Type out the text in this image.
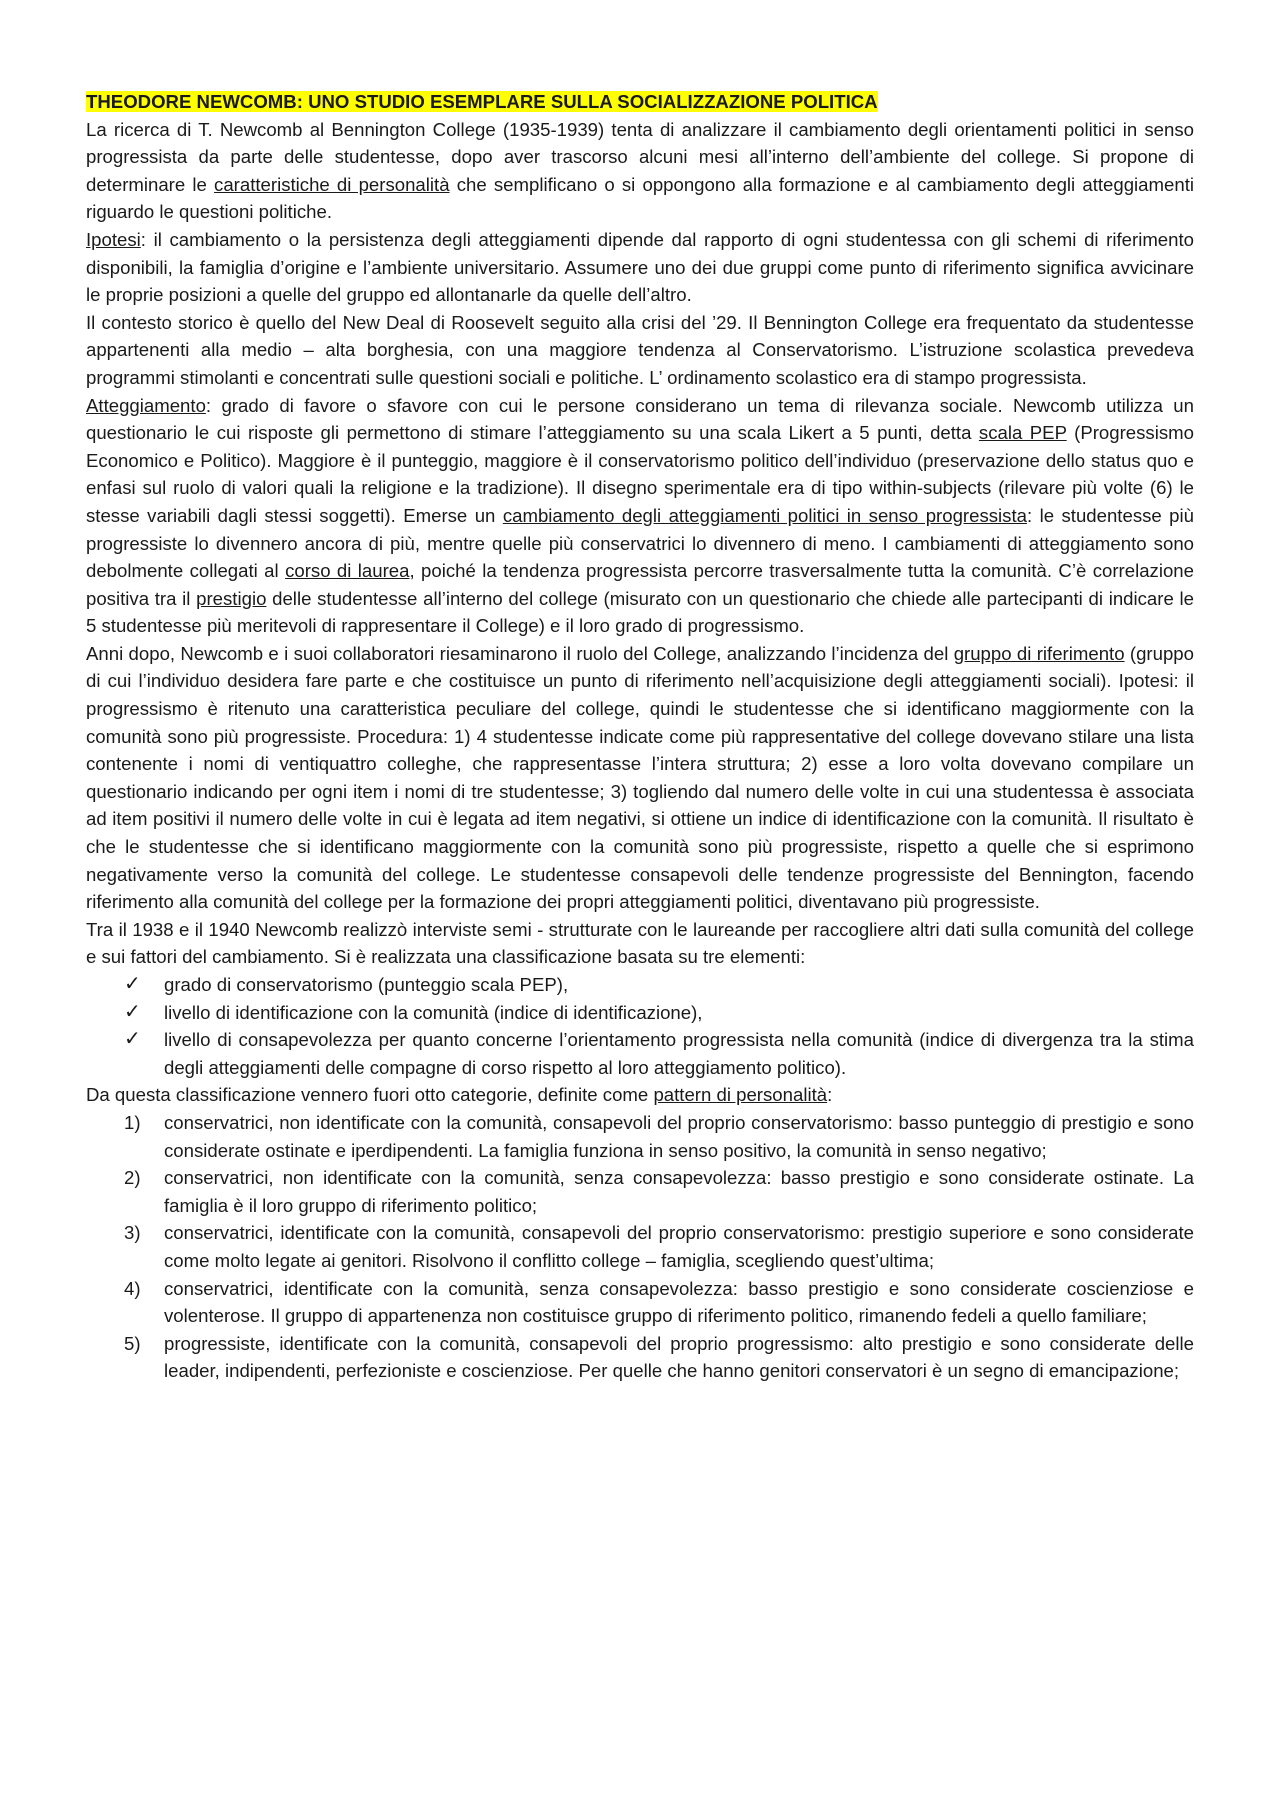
THEODORE NEWCOMB: UNO STUDIO ESEMPLARE SULLA SOCIALIZZAZIONE POLITICA

La ricerca di T. Newcomb al Bennington College (1935-1939) tenta di analizzare il cambiamento degli orientamenti politici in senso progressista da parte delle studentesse, dopo aver trascorso alcuni mesi all’interno dell’ambiente del college. Si propone di determinare le caratteristiche di personalità che semplificano o si oppongono alla formazione e al cambiamento degli atteggiamenti riguardo le questioni politiche.

Ipotesi: il cambiamento o la persistenza degli atteggiamenti dipende dal rapporto di ogni studentessa con gli schemi di riferimento disponibili, la famiglia d’origine e l’ambiente universitario. Assumere uno dei due gruppi come punto di riferimento significa avvicinare le proprie posizioni a quelle del gruppo ed allontanarle da quelle dell’altro.

Il contesto storico è quello del New Deal di Roosevelt seguito alla crisi del ’29. Il Bennington College era frequentato da studentesse appartenenti alla medio – alta borghesia, con una maggiore tendenza al Conservatorismo. L’istruzione scolastica prevedeva programmi stimolanti e concentrati sulle questioni sociali e politiche. L’ ordinamento scolastico era di stampo progressista.

Atteggiamento: grado di favore o sfavore con cui le persone considerano un tema di rilevanza sociale. Newcomb utilizza un questionario le cui risposte gli permettono di stimare l’atteggiamento su una scala Likert a 5 punti, detta scala PEP (Progressismo Economico e Politico). Maggiore è il punteggio, maggiore è il conservatorismo politico dell’individuo (preservazione dello status quo e enfasi sul ruolo di valori quali la religione e la tradizione). Il disegno sperimentale era di tipo within-subjects (rilevare più volte (6) le stesse variabili dagli stessi soggetti). Emerse un cambiamento degli atteggiamenti politici in senso progressista: le studentesse più progressiste lo divennero ancora di più, mentre quelle più conservatrici lo divennero di meno. I cambiamenti di atteggiamento sono debolmente collegati al corso di laurea, poiché la tendenza progressista percorre trasversalmente tutta la comunità. C’è correlazione positiva tra il prestigio delle studentesse all’interno del college (misurato con un questionario che chiede alle partecipanti di indicare le 5 studentesse più meritevoli di rappresentare il College) e il loro grado di progressismo.

Anni dopo, Newcomb e i suoi collaboratori riesaminarono il ruolo del College, analizzando l’incidenza del gruppo di riferimento (gruppo di cui l’individuo desidera fare parte e che costituisce un punto di riferimento nell’acquisizione degli atteggiamenti sociali). Ipotesi: il progressismo è ritenuto una caratteristica peculiare del college, quindi le studentesse che si identificano maggiormente con la comunità sono più progressiste. Procedura: 1) 4 studentesse indicate come più rappresentative del college dovevano stilare una lista contenente i nomi di ventiquattro colleghe, che rappresentasse l’intera struttura; 2) esse a loro volta dovevano compilare un questionario indicando per ogni item i nomi di tre studentesse; 3) togliendo dal numero delle volte in cui una studentessa è associata ad item positivi il numero delle volte in cui è legata ad item negativi, si ottiene un indice di identificazione con la comunità. Il risultato è che le studentesse che si identificano maggiormente con la comunità sono più progressiste, rispetto a quelle che si esprimono negativamente verso la comunità del college. Le studentesse consapevoli delle tendenze progressiste del Bennington, facendo riferimento alla comunità del college per la formazione dei propri atteggiamenti politici, diventavano più progressiste.

Tra il 1938 e il 1940 Newcomb realizzò interviste semi - strutturate con le laureande per raccogliere altri dati sulla comunità del college e sui fattori del cambiamento. Si è realizzata una classificazione basata su tre elementi:

✓ grado di conservatorismo (punteggio scala PEP),
✓ livello di identificazione con la comunità (indice di identificazione),
✓ livello di consapevolezza per quanto concerne l’orientamento progressista nella comunità (indice di divergenza tra la stima degli atteggiamenti delle compagne di corso rispetto al loro atteggiamento politico).

Da questa classificazione vennero fuori otto categorie, definite come pattern di personalità:

1) conservatrici, non identificate con la comunità, consapevoli del proprio conservatorismo: basso punteggio di prestigio e sono considerate ostinate e iperdipendenti. La famiglia funziona in senso positivo, la comunità in senso negativo;
2) conservatrici, non identificate con la comunità, senza consapevolezza: basso prestigio e sono considerate ostinate. La famiglia è il loro gruppo di riferimento politico;
3) conservatrici, identificate con la comunità, consapevoli del proprio conservatorismo: prestigio superiore e sono considerate come molto legate ai genitori. Risolvono il conflitto college – famiglia, scegliendo quest’ultima;
4) conservatrici, identificate con la comunità, senza consapevolezza: basso prestigio e sono considerate coscienziose e volenterose. Il gruppo di appartenenza non costituisce gruppo di riferimento politico, rimanendo fedeli a quello familiare;
5) progressiste, identificate con la comunità, consapevoli del proprio progressismo: alto prestigio e sono considerate delle leader, indipendenti, perfezioniste e coscienziose. Per quelle che hanno genitori conservatori è un segno di emancipazione;
